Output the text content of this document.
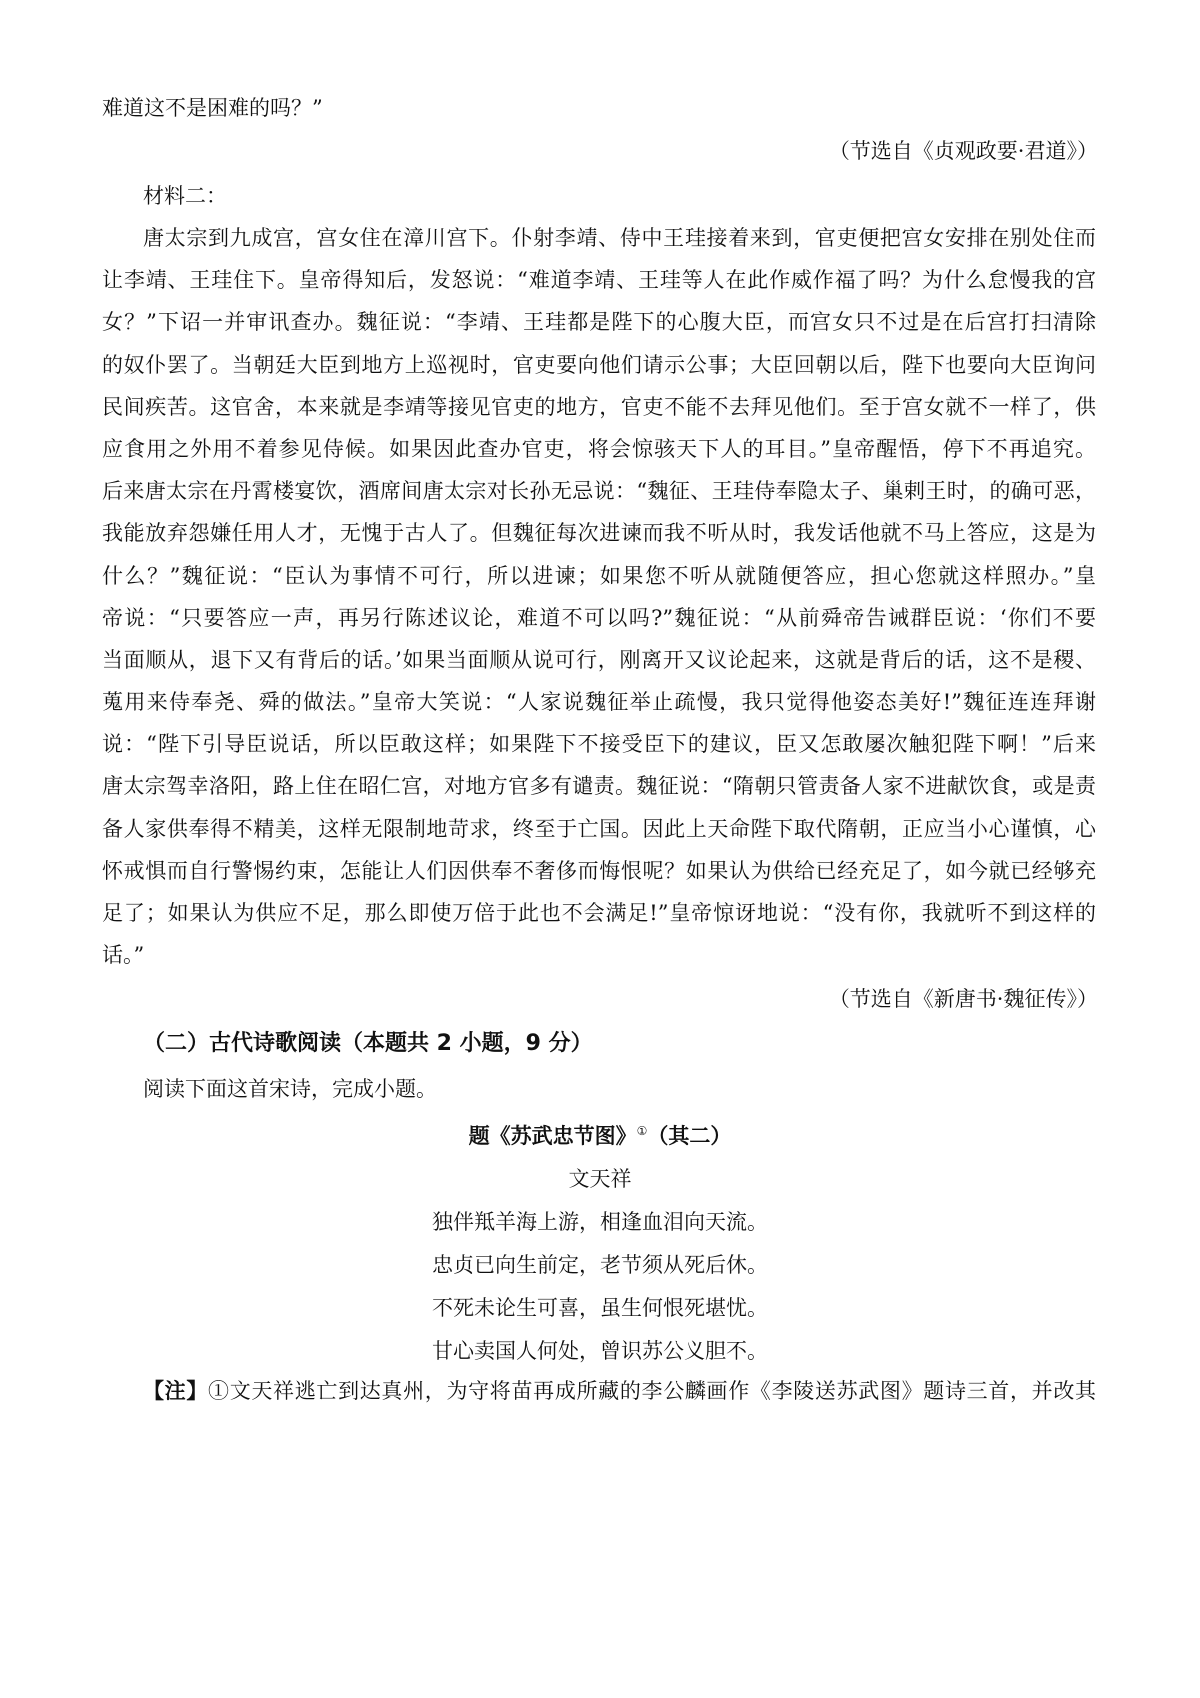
难道这不是困难的吗？”
（节选自《贞观政要·君道》）
材料二：
唐太宗到九成宫，宫女住在漳川宫下。仆射李靖、侍中王珪接着来到，官吏便把宫女安排在别处住而
让李靖、王珪住下。皇帝得知后，发怒说：“难道李靖、王珪等人在此作威作福了吗？为什么怠慢我的宫
女？”下诏一并审讯查办。魏征说：“李靖、王珪都是陛下的心腹大臣，而宫女只不过是在后宫打扫清除
的奴仆罢了。当朝廷大臣到地方上巡视时，官吏要向他们请示公事；大臣回朝以后，陛下也要向大臣询问
民间疾苦。这官舍，本来就是李靖等接见官吏的地方，官吏不能不去拜见他们。至于宫女就不一样了，供
应食用之外用不着参见侍候。如果因此查办官吏，将会惊骇天下人的耳目。”皇帝醒悟，停下不再追究。
后来唐太宗在丹霄楼宴饮，酒席间唐太宗对长孙无忌说：“魏征、王珪侍奉隐太子、巢剌王时，的确可恶，
我能放弃怨嫌任用人才，无愧于古人了。但魏征每次进谏而我不听从时，我发话他就不马上答应，这是为
什么？”魏征说：“臣认为事情不可行，所以进谏；如果您不听从就随便答应，担心您就这样照办。”皇
帝说：“只要答应一声，再另行陈述议论，难道不可以吗?”魏征说：“从前舜帝告诫群臣说：‘你们不要
当面顺从，退下又有背后的话。’如果当面顺从说可行，刚离开又议论起来，这就是背后的话，这不是稷、
蒐用来侍奉尧、舜的做法。”皇帝大笑说：“人家说魏征举止疏慢，我只觉得他姿态美好!”魏征连连拜谢
说：“陛下引导臣说话，所以臣敢这样；如果陛下不接受臣下的建议，臣又怎敢屡次触犯陛下啊！”后来
唐太宗驾幸洛阳，路上住在昭仁宫，对地方官多有谴责。魏征说：“隋朝只管责备人家不进献饮食，或是责
备人家供奉得不精美，这样无限制地苛求，终至于亡国。因此上天命陛下取代隋朝，正应当小心谨慎，心
怀戒惧而自行警惕约束，怎能让人们因供奉不奢侈而悔恨呢？如果认为供给已经充足了，如今就已经够充
足了；如果认为供应不足，那么即使万倍于此也不会满足!”皇帝惊讶地说：“没有你，我就听不到这样的
话。”
（节选自《新唐书·魏征传》）
（二）古代诗歌阅读（本题共 2 小题，9 分）
阅读下面这首宋诗，完成小题。
题《苏武忠节图》①（其二）
文天祥
独伴羝羊海上游，相逢血泪向天流。
忠贞已向生前定，老节须从死后休。
不死未论生可喜，虽生何恨死堪忧。
甘心卖国人何处，曾识苏公义胆不。
【注】①文天祥逃亡到达真州，为守将苗再成所藏的李公麟画作《李陵送苏武图》题诗三首，并改其
